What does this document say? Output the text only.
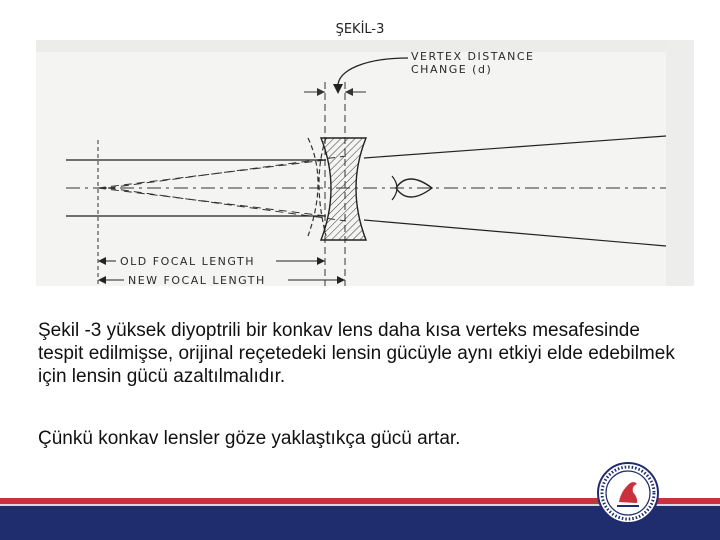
ŞEKİL-3
VERTEX DISTANCE
CHANGE (d)
OLD FOCAL LENGTH
NEW FOCAL LENGTH
Şekil -3 yüksek diyoptrili bir konkav lens daha kısa verteks mesafesinde tespit edilmişse, orijinal reçetedeki lensin gücüyle aynı etkiyi elde edebilmek için lensin gücü azaltılmalıdır.
Çünkü konkav lensler göze yaklaştıkça gücü artar.
